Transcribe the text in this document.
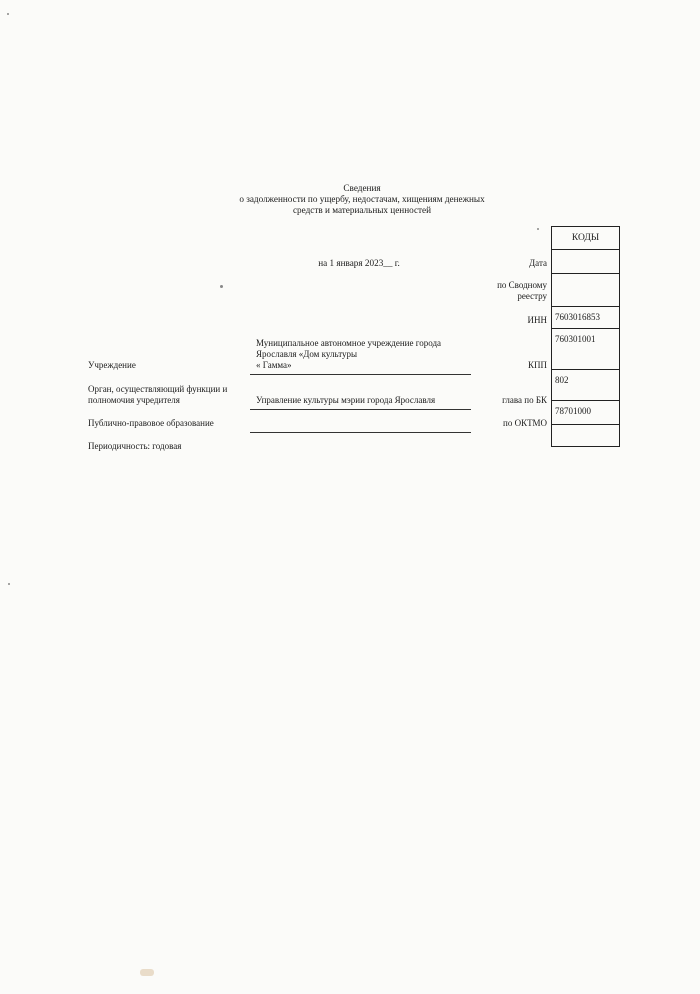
Сведения
о задолженности по ущербу, недостачам, хищениям денежных
средств и материальных ценностей
на 1 января 2023__ г.
Учреждение
Орган, осуществляющий функции и
полномочия учредителя
Публично-правовое образование
Периодичность: годовая
Муниципальное автономное учреждение города
Ярославля «Дом культуры
« Гамма»
Управление культуры мэрии города Ярославля
Дата
по Сводному
реестру
ИНН
КПП
глава по БК
по ОКТМО
КОДЫ
7603016853
760301001
802
78701000
